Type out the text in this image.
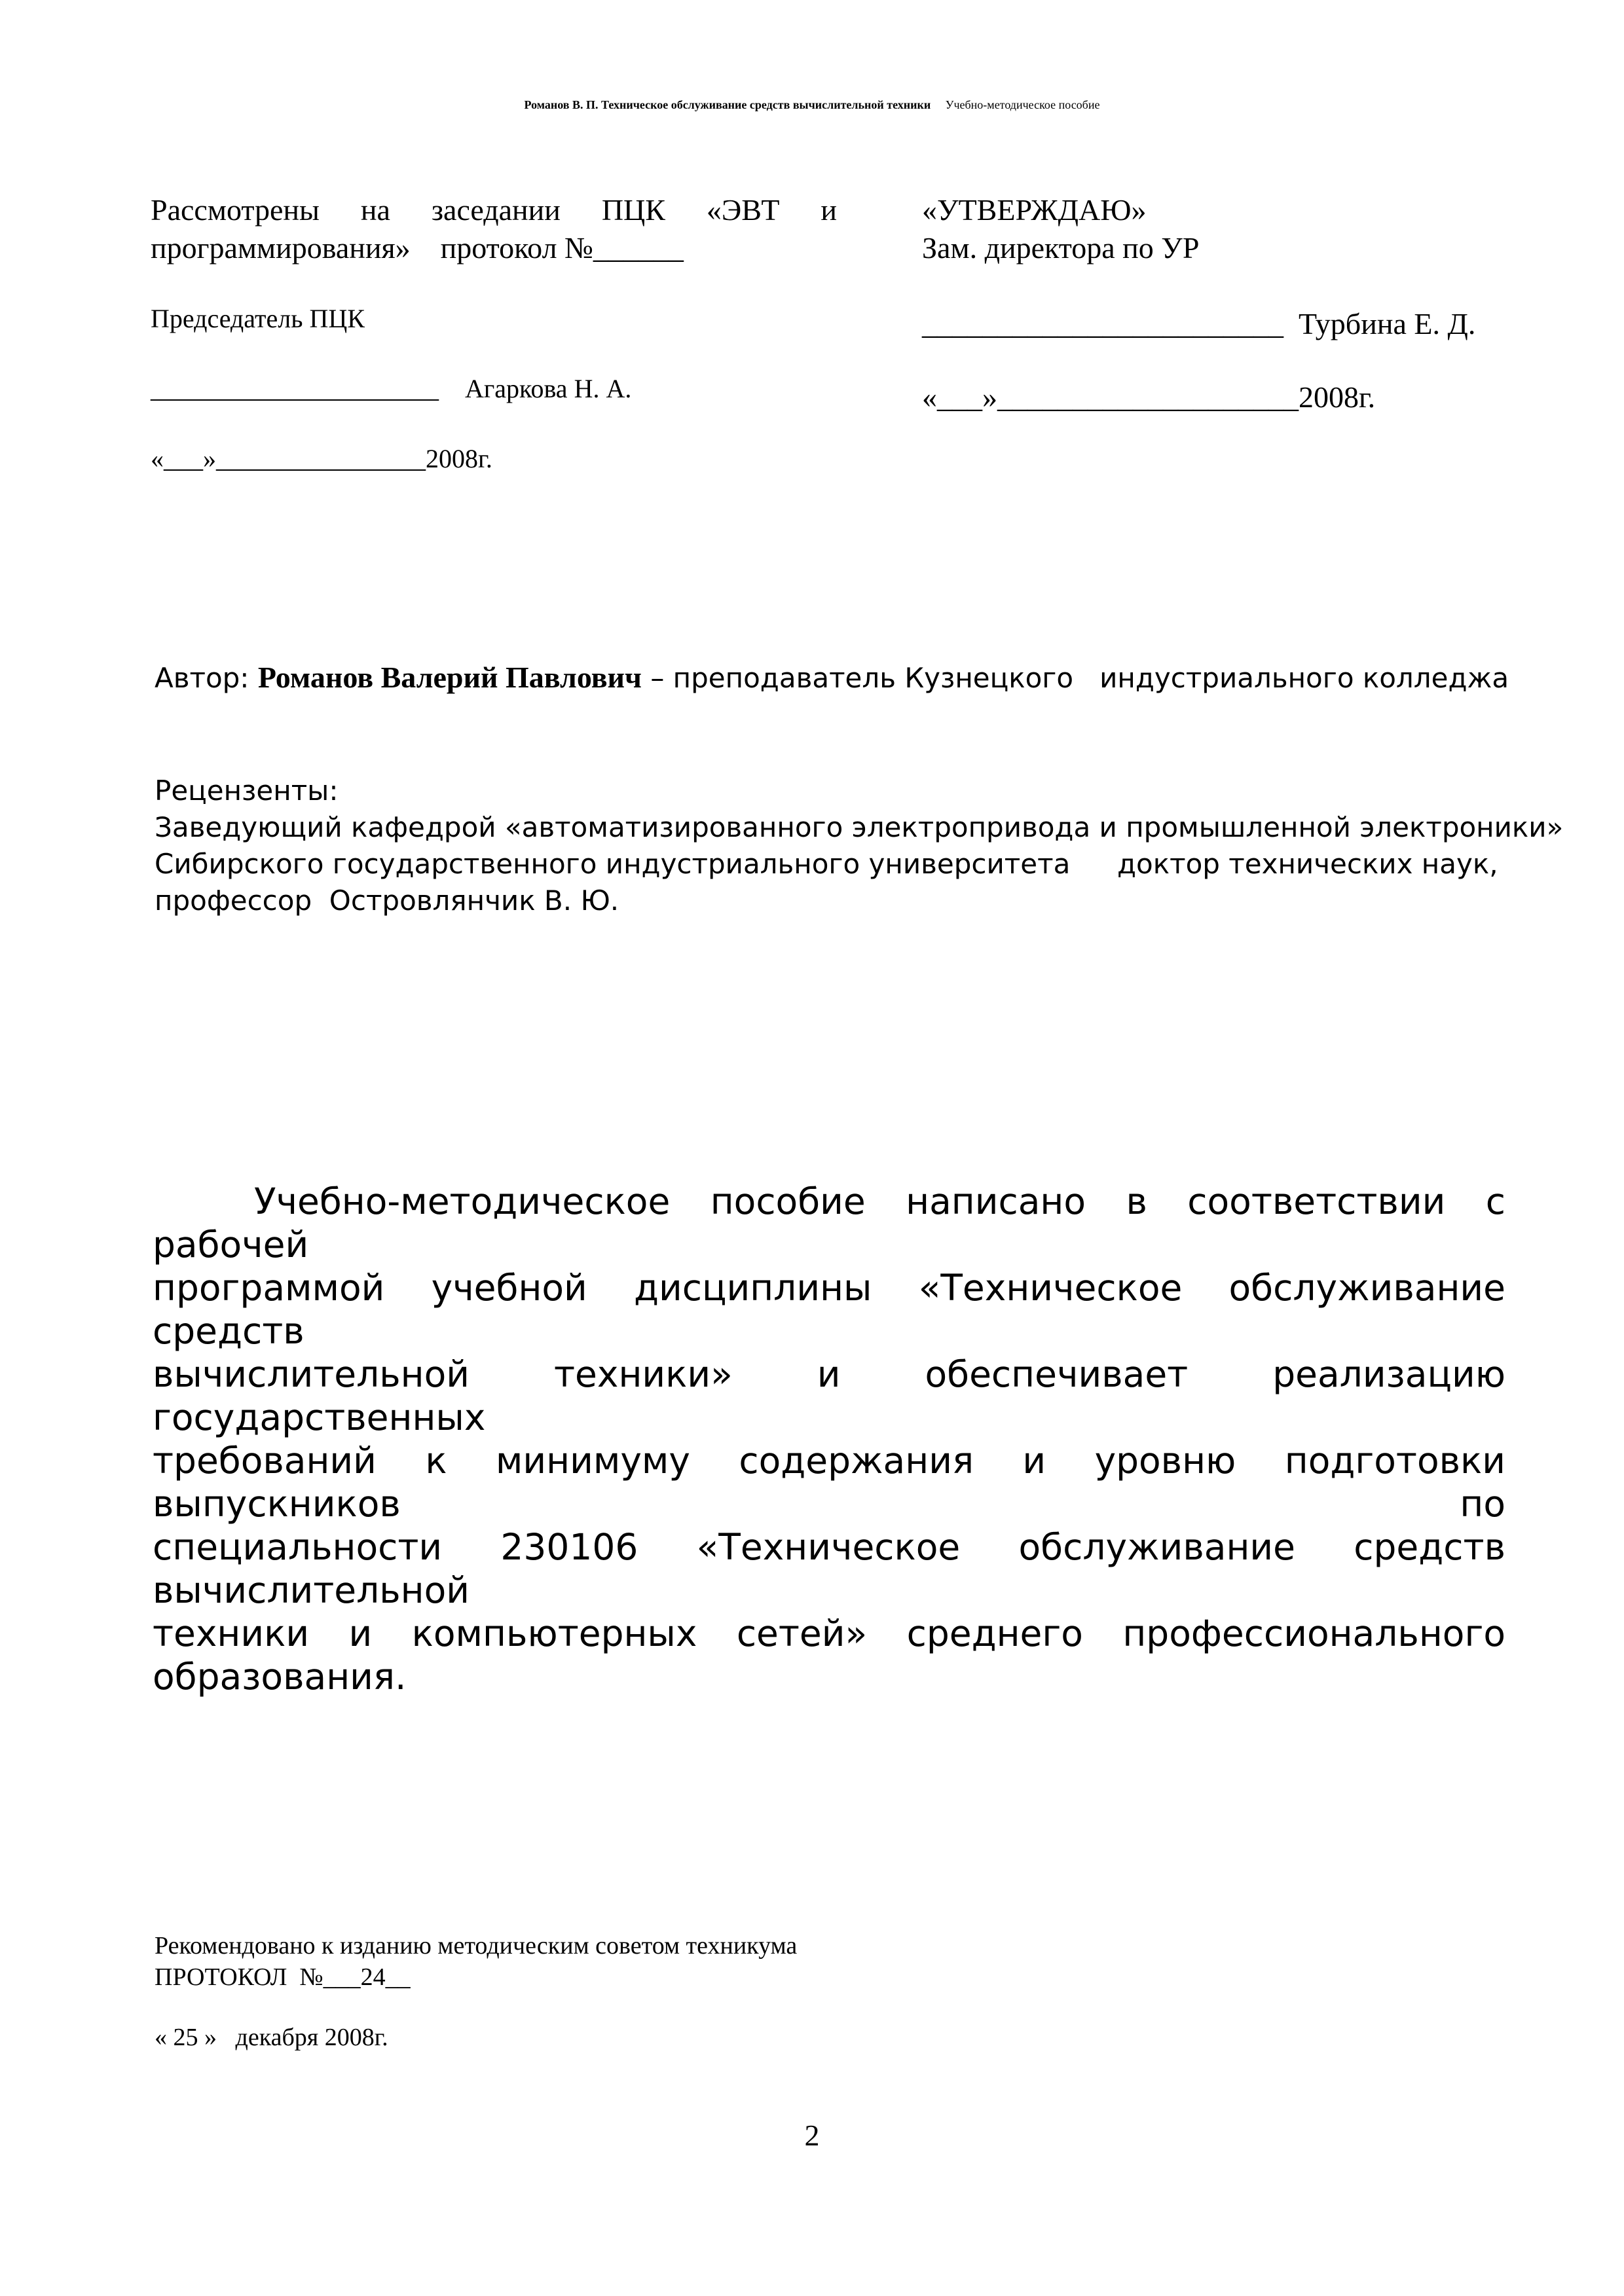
Романов В. П. Техническое обслуживание средств вычислительной техники Учебно-методическое пособие
Рассмотрены на заседании ПЦК «ЭВТ и
программирования»    протокол №______
Председатель ПЦК
______________________    Агаркова Н. А.
«___»________________2008г.
«УТВЕРЖДАЮ»
Зам. директора по УР
________________________  Турбина Е. Д.
«___»____________________2008г.
Автор: Романов Валерий Павлович – преподаватель Кузнецкого   индустриального колледжа
Рецензенты:
Заведующий кафедрой «автоматизированного электропривода и промышленной электроники»
Сибирского государственного индустриального университета доктор технических наук,
профессор  Островлянчик В. Ю.
Учебно-методическое пособие написано в соответствии с рабочей
программой учебной дисциплины «Техническое обслуживание средств
вычислительной техники» и обеспечивает реализацию государственных
требований к минимуму содержания и уровню подготовки выпускников по
специальности 230106 «Техническое обслуживание средств вычислительной
техники и компьютерных сетей» среднего профессионального образования.
Рекомендовано к изданию методическим советом техникума
ПРОТОКОЛ  №___24__
« 25 »   декабря 2008г.
2
